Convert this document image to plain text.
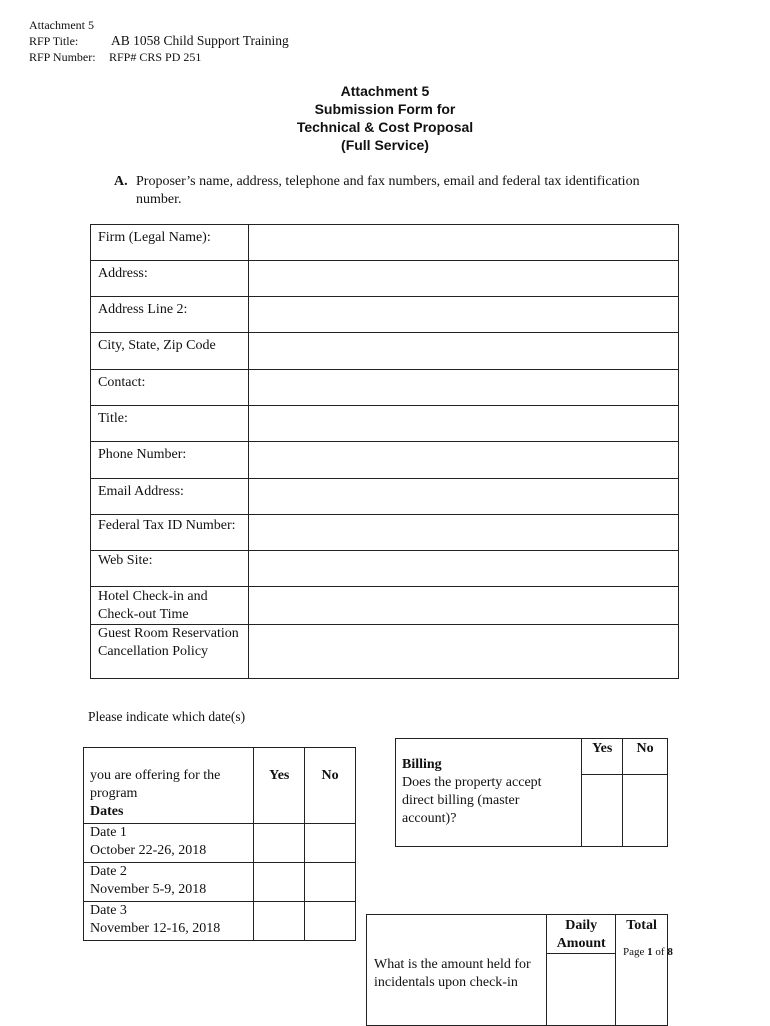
Attachment 5
RFP Title: AB 1058 Child Support Training
RFP Number: RFP# CRS PD 251
Attachment 5
Submission Form for
Technical & Cost Proposal
(Full Service)
A. Proposer’s name, address, telephone and fax numbers, email and federal tax identification number.
Firm (Legal Name):	
Address:	
Address Line 2:	
City, State, Zip Code	
Contact:	
Title:	
Phone Number:	
Email Address:	
Federal Tax ID Number:	
Web Site:	
Hotel Check-in and Check-out Time	
Guest Room Reservation Cancellation Policy	
Please indicate which date(s)
you are offering for the program
Dates	Yes	No

Date 1
October 22-26, 2018		

Date 2
November 5-9, 2018		

Date 3
November 12-16, 2018		

Billing
Does the property accept direct billing (master account)?	Yes	No

	Daily Amount	Total
What is the amount held for incidentals upon check-in		
Page 1 of 8
